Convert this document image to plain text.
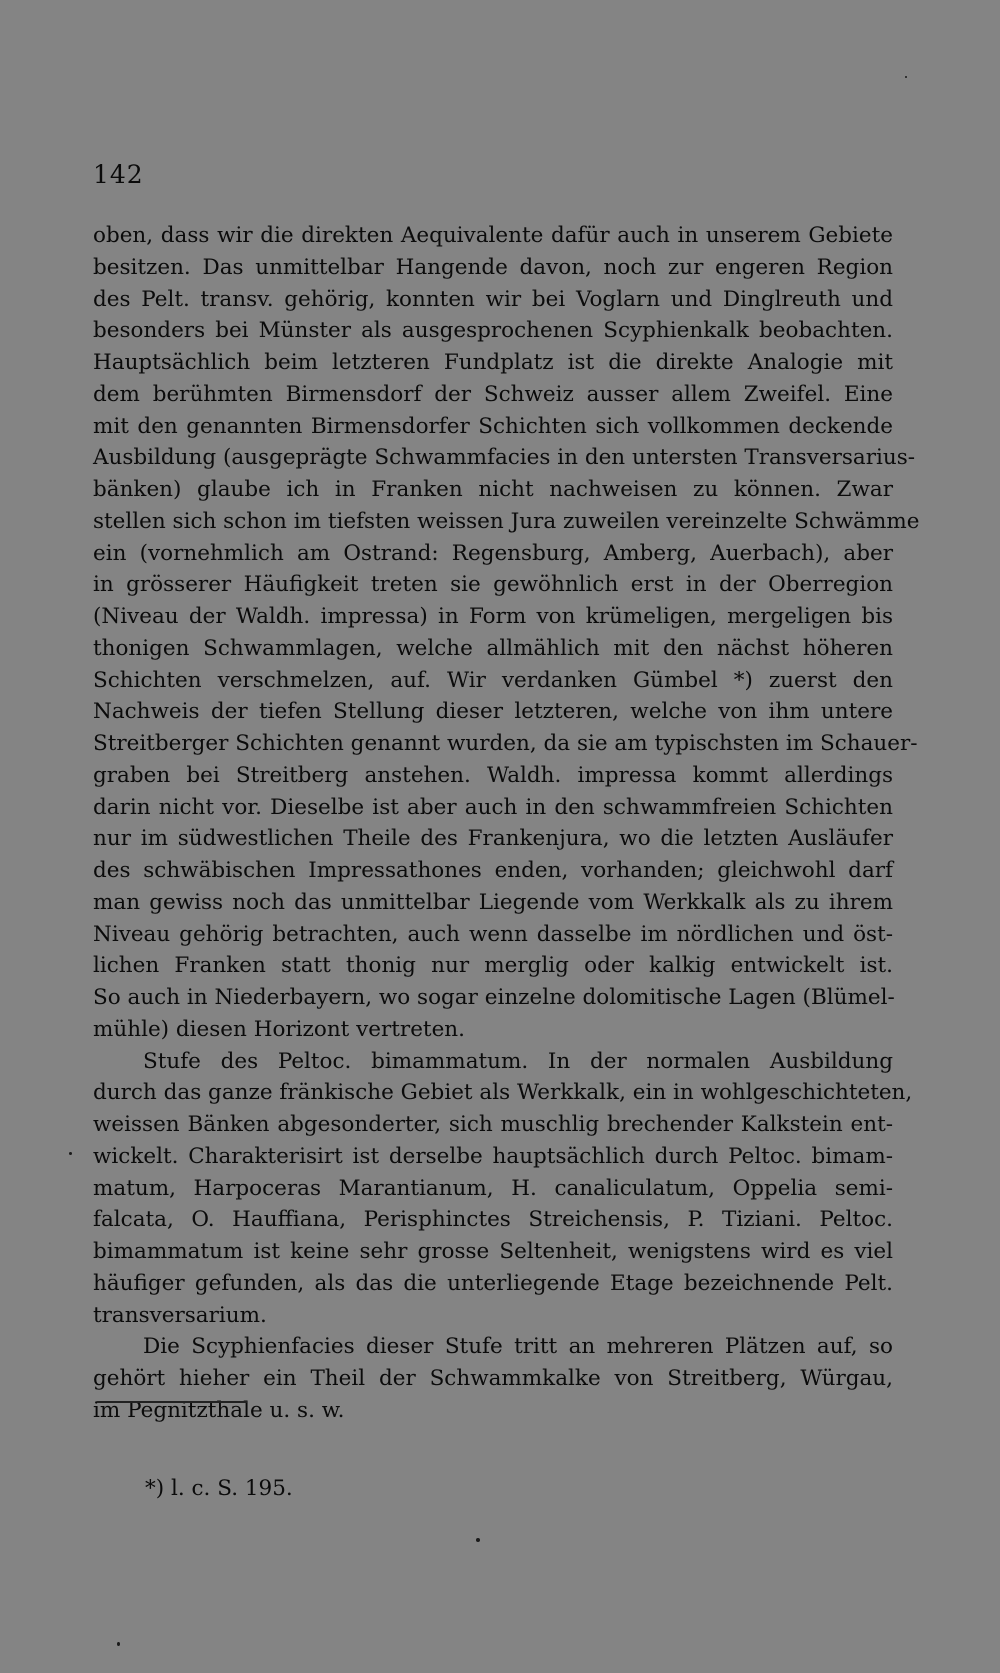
142

oben, dass wir die direkten Aequivalente dafür auch in unserem Gebiete
besitzen. Das unmittelbar Hangende davon, noch zur engeren Region
des Pelt. transv. gehörig, konnten wir bei Voglarn und Dinglreuth und
besonders bei Münster als ausgesprochenen Scyphienkalk beobachten.
Hauptsächlich beim letzteren Fundplatz ist die direkte Analogie mit
dem berühmten Birmensdorf der Schweiz ausser allem Zweifel. Eine
mit den genannten Birmensdorfer Schichten sich vollkommen deckende
Ausbildung (ausgeprägte Schwammfacies in den untersten Transversarius-
bänken) glaube ich in Franken nicht nachweisen zu können. Zwar
stellen sich schon im tiefsten weissen Jura zuweilen vereinzelte Schwämme
ein (vornehmlich am Ostrand: Regensburg, Amberg, Auerbach), aber
in grösserer Häufigkeit treten sie gewöhnlich erst in der Oberregion
(Niveau der Waldh. impressa) in Form von krümeligen, mergeligen bis
thonigen Schwammlagen, welche allmählich mit den nächst höheren
Schichten verschmelzen, auf. Wir verdanken Gümbel *) zuerst den
Nachweis der tiefen Stellung dieser letzteren, welche von ihm untere
Streitberger Schichten genannt wurden, da sie am typischsten im Schauer-
graben bei Streitberg anstehen. Waldh. impressa kommt allerdings
darin nicht vor. Dieselbe ist aber auch in den schwammfreien Schichten
nur im südwestlichen Theile des Frankenjura, wo die letzten Ausläufer
des schwäbischen Impressathones enden, vorhanden; gleichwohl darf
man gewiss noch das unmittelbar Liegende vom Werkkalk als zu ihrem
Niveau gehörig betrachten, auch wenn dasselbe im nördlichen und öst-
lichen Franken statt thonig nur merglig oder kalkig entwickelt ist.
So auch in Niederbayern, wo sogar einzelne dolomitische Lagen (Blümel-
mühle) diesen Horizont vertreten.

Stufe des Peltoc. bimammatum. In der normalen Ausbildung
durch das ganze fränkische Gebiet als Werkkalk, ein in wohlgeschichteten,
weissen Bänken abgesonderter, sich muschlig brechender Kalkstein ent-
wickelt. Charakterisirt ist derselbe hauptsächlich durch Peltoc. bimam-
matum, Harpoceras Marantianum, H. canaliculatum, Oppelia semi-
falcata, O. Hauffiana, Perisphinctes Streichensis, P. Tiziani. Peltoc.
bimammatum ist keine sehr grosse Seltenheit, wenigstens wird es viel
häufiger gefunden, als das die unterliegende Etage bezeichnende Pelt.
transversarium.

Die Scyphienfacies dieser Stufe tritt an mehreren Plätzen auf, so
gehört hieher ein Theil der Schwammkalke von Streitberg, Würgau,
im Pegnitzthale u. s. w.

*) l. c. S. 195.
